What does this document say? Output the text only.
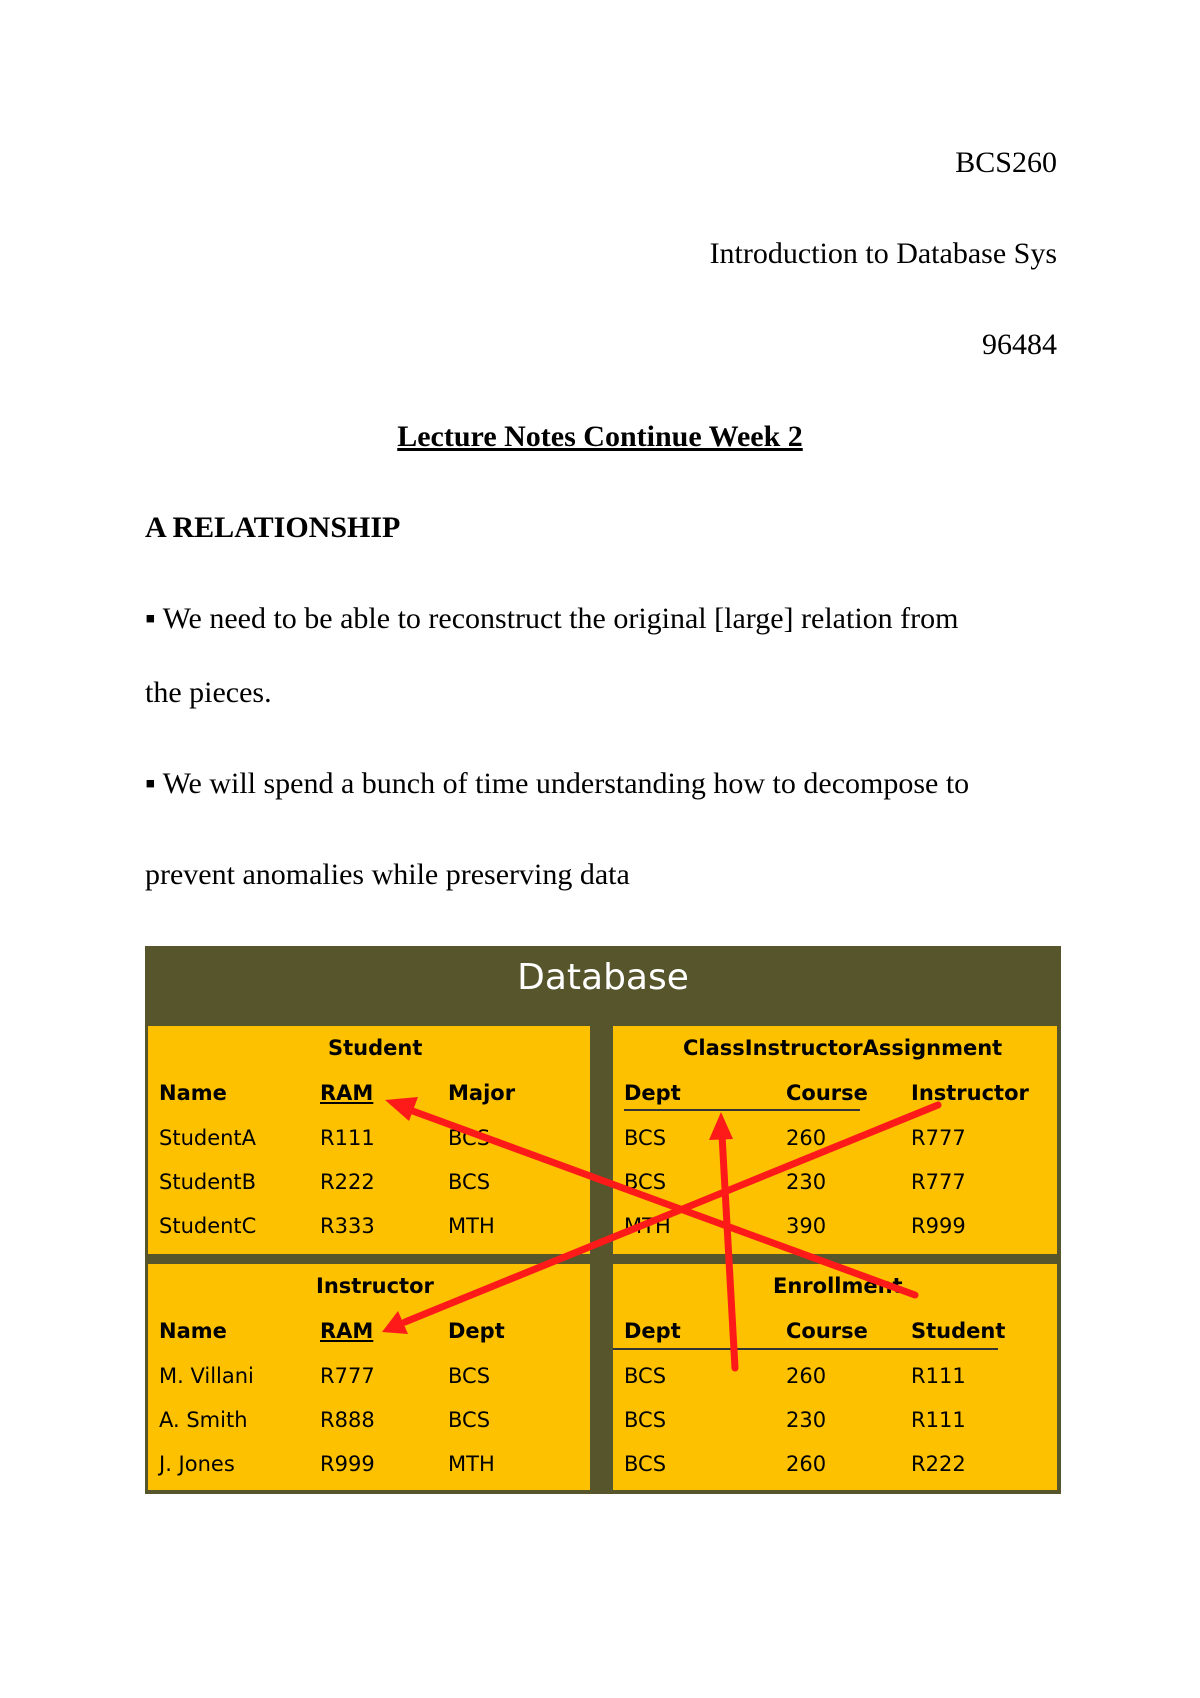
BCS260
Introduction to Database Sys
96484
Lecture Notes Continue Week 2
A RELATIONSHIP
▪ We need to be able to reconstruct the original [large] relation from
the pieces.
▪ We will spend a bunch of time understanding how to decompose to
prevent anomalies while preserving data
Database
Student
Name	RAM	Major
StudentA	R111	BCS
StudentB	R222	BCS
StudentC	R333	MTH
ClassInstructorAssignment
Dept	Course Instructor
BCS	260	R777
BCS	230	R777
MTH	390	R999
Instructor
Name	RAM	Dept
M. Villani	R777	BCS
A. Smith	R888	BCS
J. Jones	R999	MTH
Enrollment
Dept	Course Student
BCS	260	R111
BCS	230	R111
BCS	260	R222
